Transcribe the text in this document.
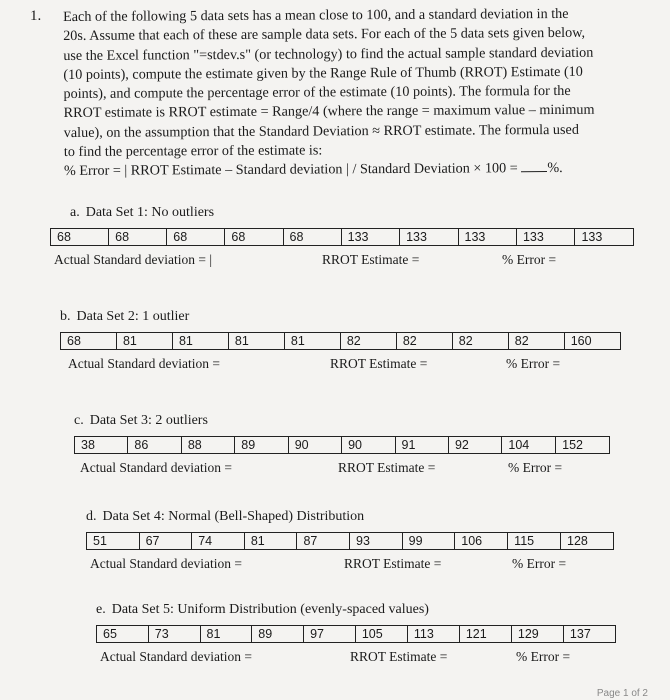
1. Each of the following 5 data sets has a mean close to 100, and a standard deviation in the
20s. Assume that each of these are sample data sets. For each of the 5 data sets given below,
use the Excel function "=stdev.s" (or technology) to find the actual sample standard deviation
(10 points), compute the estimate given by the Range Rule of Thumb (RROT) Estimate (10
points), and compute the percentage error of the estimate (10 points). The formula for the
RROT estimate is RROT estimate = Range/4 (where the range = maximum value – minimum
value), on the assumption that the Standard Deviation ≈ RROT estimate. The formula used
to find the percentage error of the estimate is:
% Error = | RROT Estimate – Standard deviation | / Standard Deviation × 100 = %.
a. Data Set 1: No outliers
68	68	68	68	68	133	133	133	133	133
Actual Standard deviation = |	RROT Estimate =	% Error =
b. Data Set 2: 1 outlier
68	81	81	81	81	82	82	82	82	160
Actual Standard deviation =	RROT Estimate =	% Error =
c. Data Set 3: 2 outliers
38	86	88	89	90	90	91	92	104	152
Actual Standard deviation =	RROT Estimate =	% Error =
d. Data Set 4: Normal (Bell-Shaped) Distribution
51	67	74	81	87	93	99	106	115	128
Actual Standard deviation =	RROT Estimate =	% Error =
e. Data Set 5: Uniform Distribution (evenly-spaced values)
65	73	81	89	97	105	113	121	129	137
Actual Standard deviation =	RROT Estimate =	% Error =
Page 1 of 2
